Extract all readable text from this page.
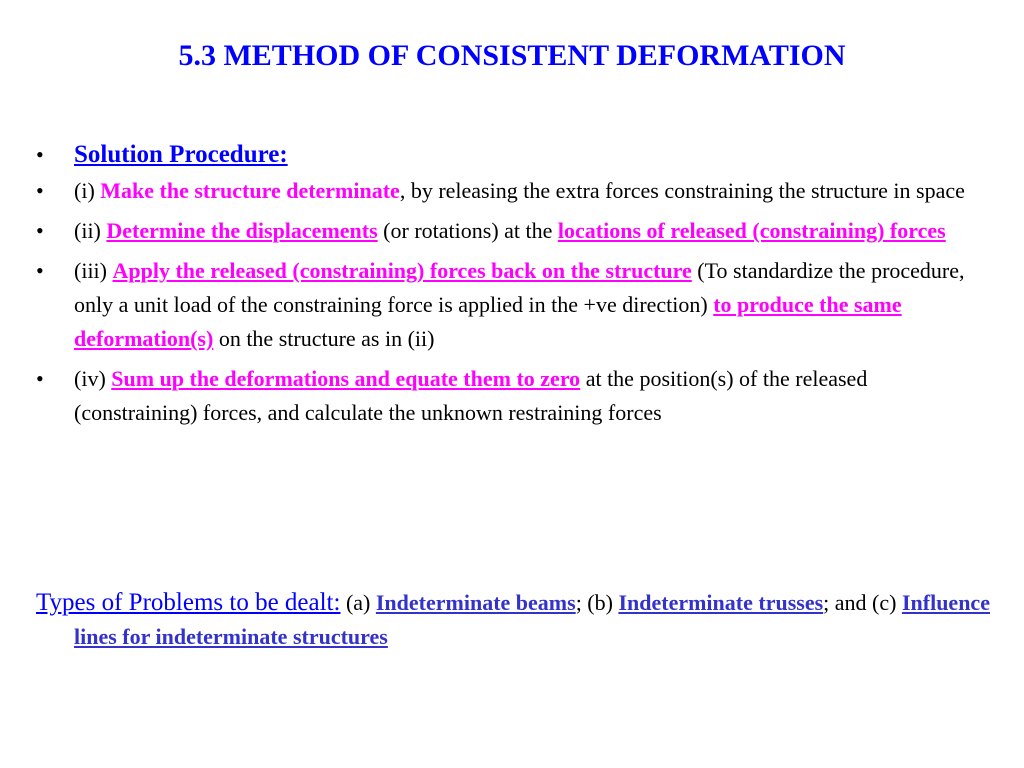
5.3 METHOD OF CONSISTENT DEFORMATION
• Solution Procedure:
• (i) Make the structure determinate, by releasing the extra forces constraining the structure in space
• (ii) Determine the displacements (or rotations) at the locations of released (constraining) forces
• (iii) Apply the released (constraining) forces back on the structure (To standardize the procedure, only a unit load of the constraining force is applied in the +ve direction) to produce the same deformation(s) on the structure as in (ii)
• (iv) Sum up the deformations and equate them to zero at the position(s) of the released (constraining) forces, and calculate the unknown restraining forces

Types of Problems to be dealt: (a) Indeterminate beams; (b) Indeterminate trusses; and (c) Influence lines for indeterminate structures
